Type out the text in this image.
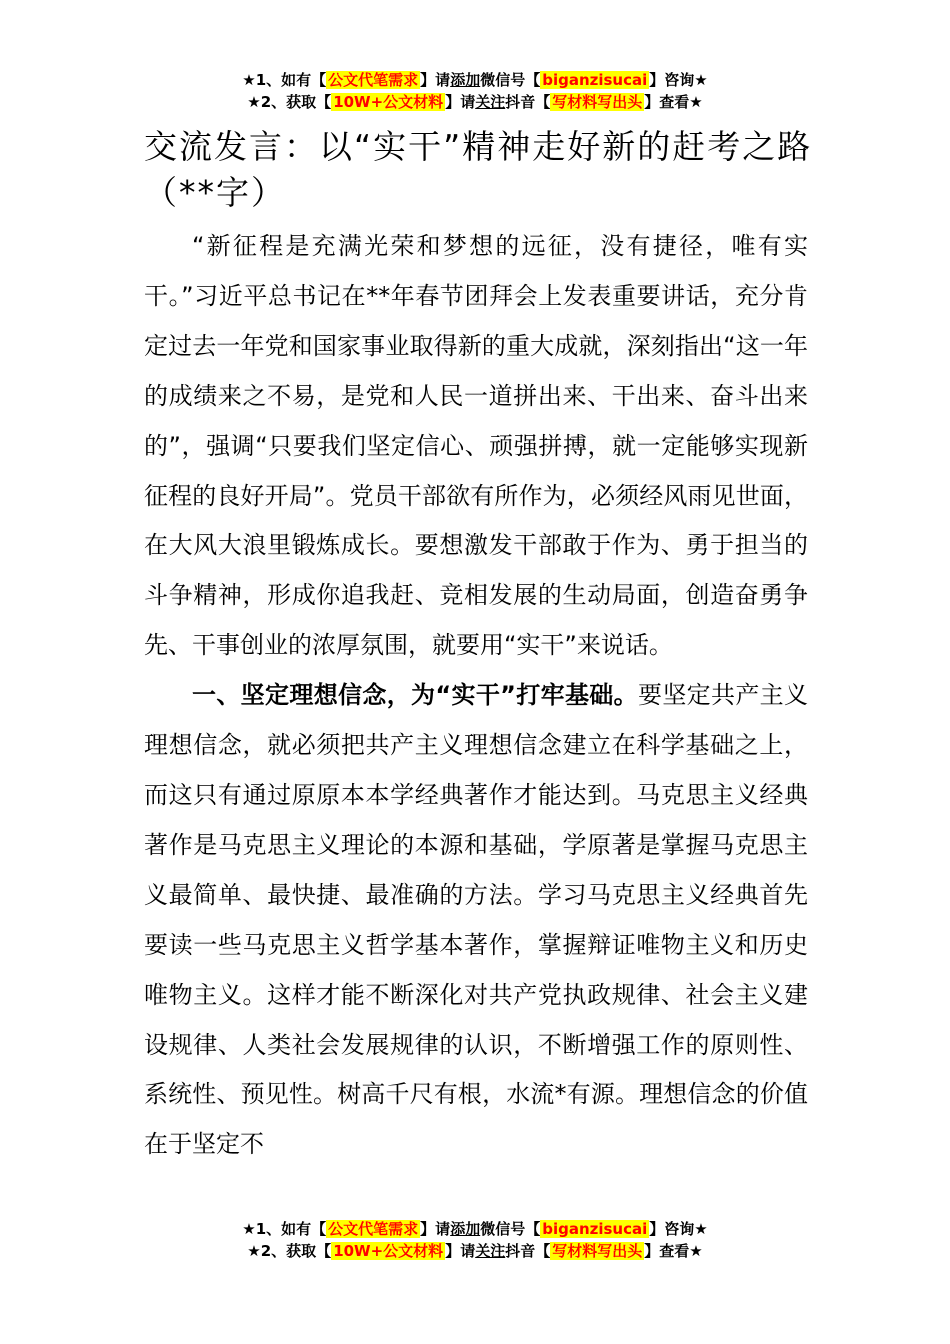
★1、如有【 公文代笔需求 】请添加微信号【 biganzisucai 】咨询★
★2、获取【 10W+公文材料 】请关注抖音【 写材料写出头 】查看★
交流发言：以“实干”精神走好新的赶考之路（**字）

“新征程是充满光荣和梦想的远征，没有捷径，唯有实干。”习近平总书记在**年春节团拜会上发表重要讲话，充分肯定过去一年党和国家事业取得新的重大成就，深刻指出“这一年的成绩来之不易，是党和人民一道拼出来、干出来、奋斗出来的”，强调“只要我们坚定信心、顽强拼搏，就一定能够实现新征程的良好开局”。党员干部欲有所作为，必须经风雨见世面，在大风大浪里锻炼成长。要想激发干部敢于作为、勇于担当的斗争精神，形成你追我赶、竞相发展的生动局面，创造奋勇争先、干事创业的浓厚氛围，就要用“实干”来说话。

一、坚定理想信念，为“实干”打牢基础。要坚定共产主义理想信念，就必须把共产主义理想信念建立在科学基础之上，而这只有通过原原本本学经典著作才能达到。马克思主义经典著作是马克思主义理论的本源和基础，学原著是掌握马克思主义最简单、最快捷、最准确的方法。学习马克思主义经典首先要读一些马克思主义哲学基本著作，掌握辩证唯物主义和历史唯物主义。这样才能不断深化对共产党执政规律、社会主义建设规律、人类社会发展规律的认识，不断增强工作的原则性、系统性、预见性。树高千尺有根，水流*有源。理想信念的价值在于坚定不

★1、如有【 公文代笔需求 】请添加微信号【 biganzisucai 】咨询★
★2、获取【 10W+公文材料 】请关注抖音【 写材料写出头 】查看★
